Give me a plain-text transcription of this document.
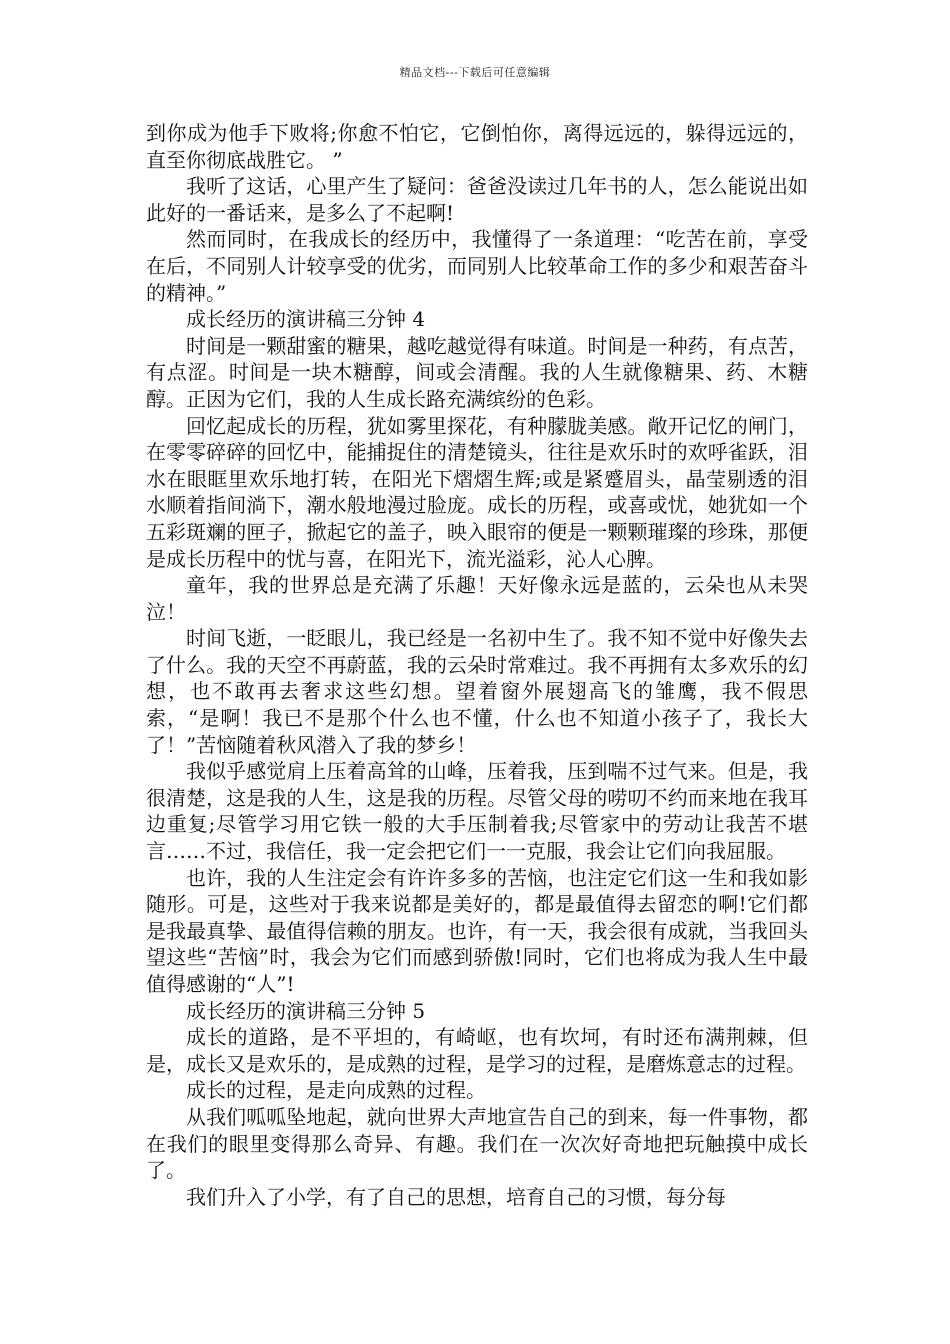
精品文档---下载后可任意编辑

到你成为他手下败将;你愈不怕它，它倒怕你，离得远远的，躲得远远的，直至你彻底战胜它。 ”

我听了这话，心里产生了疑问：爸爸没读过几年书的人，怎么能说出如此好的一番话来，是多么了不起啊!

然而同时，在我成长的经历中，我懂得了一条道理：“吃苦在前，享受在后，不同别人计较享受的优劣，而同别人比较革命工作的多少和艰苦奋斗的精神。”

成长经历的演讲稿三分钟 4

时间是一颗甜蜜的糖果，越吃越觉得有味道。时间是一种药，有点苦，有点涩。时间是一块木糖醇，间或会清醒。我的人生就像糖果、药、木糖醇。正因为它们，我的人生成长路充满缤纷的色彩。

回忆起成长的历程，犹如雾里探花，有种朦胧美感。敞开记忆的闸门，在零零碎碎的回忆中，能捕捉住的清楚镜头，往往是欢乐时的欢呼雀跃，泪水在眼眶里欢乐地打转，在阳光下熠熠生辉;或是紧蹙眉头，晶莹剔透的泪水顺着指间淌下，潮水般地漫过脸庞。成长的历程，或喜或忧，她犹如一个五彩斑斓的匣子，掀起它的盖子，映入眼帘的便是一颗颗璀璨的珍珠，那便是成长历程中的忧与喜，在阳光下，流光溢彩，沁人心脾。

童年，我的世界总是充满了乐趣！天好像永远是蓝的，云朵也从未哭泣！

时间飞逝，一眨眼儿，我已经是一名初中生了。我不知不觉中好像失去了什么。我的天空不再蔚蓝，我的云朵时常难过。我不再拥有太多欢乐的幻想，也不敢再去奢求这些幻想。望着窗外展翅高飞的雏鹰，我不假思索，“是啊！我已不是那个什么也不懂，什么也不知道小孩子了，我长大了！”苦恼随着秋风潜入了我的梦乡！

我似乎感觉肩上压着高耸的山峰，压着我，压到喘不过气来。但是，我很清楚，这是我的人生，这是我的历程。尽管父母的唠叨不约而来地在我耳边重复;尽管学习用它铁一般的大手压制着我;尽管家中的劳动让我苦不堪言……不过，我信任，我一定会把它们一一克服，我会让它们向我屈服。

也许，我的人生注定会有许许多多的苦恼，也注定它们这一生和我如影随形。可是，这些对于我来说都是美好的，都是最值得去留恋的啊!它们都是我最真挚、最值得信赖的朋友。也许，有一天，我会很有成就，当我回头望这些“苦恼”时，我会为它们而感到骄傲!同时，它们也将成为我人生中最值得感谢的“人”!

成长经历的演讲稿三分钟 5

成长的道路，是不平坦的，有崎岖，也有坎坷，有时还布满荆棘，但是，成长又是欢乐的，是成熟的过程，是学习的过程，是磨炼意志的过程。

成长的过程，是走向成熟的过程。

从我们呱呱坠地起，就向世界大声地宣告自己的到来，每一件事物，都在我们的眼里变得那么奇异、有趣。我们在一次次好奇地把玩触摸中成长了。

我们升入了小学，有了自己的思想，培育自己的习惯，每分每
